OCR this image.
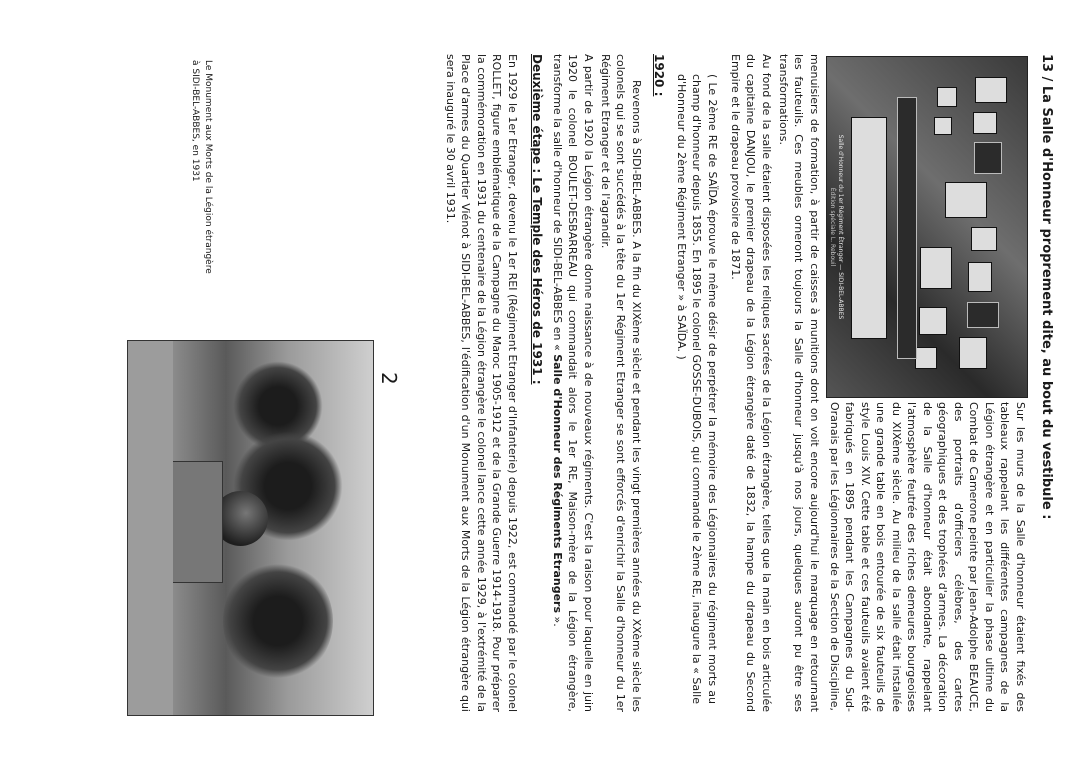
13 / La Salle d'Honneur proprement dite, au bout du vestibule :
Salle d'Honneur du 1er Régiment Étranger — SIDI-BEL-ABBES
Édition spéciale L. Rebouil
Sur les murs de la Salle d'honneur étaient fixés des tableaux rappelant les différentes campagnes de la Légion étrangère et en particulier la phase ultime du Combat de Camerone peinte par Jean-Adolphe BEAUCE, des portraits d'officiers célèbres, des cartes géographiques et des trophées d'armes. La décoration de la Salle d'honneur était abondante, rappelant l'atmosphère feutrée des riches demeures bourgeoises du XIXème siècle. Au milieu de la salle était installée une grande table en bois entourée de six fauteuils de style Louis XIV. Cette table et ces fauteuils avaient été fabriqués en 1895 pendant les Campagnes du Sud-Oranais par les Légionnaires de la Section de Discipline,
menuisiers de formation, à partir de caisses à munitions dont on voit encore aujourd'hui le marquage en retournant les fauteuils. Ces meubles orneront toujours la Salle d'honneur jusqu'à nos jours, quelques auront pu être ses transformations.
Au fond de la salle étaient disposées les reliques sacrées de la Légion étrangère, telles que la main en bois articulée du capitaine DANJOU, le premier drapeau de la Légion étrangère daté de 1832, la hampe du drapeau du Second Empire et le drapeau provisoire de 1871.
( Le 2ème RE de SAÏDA éprouve le même désir de perpétrer la mémoire des Légionnaires du régiment morts au champ d'honneur depuis 1855. En 1895 le colonel GOSSE-DUBOIS, qui commande le 2ème RE, inaugure la « Salle d'Honneur du 2ème Régiment Etranger » à SAÏDA. )
1920 :
Revenons à SIDI-BEL-ABBES. A la fin du XIXème siècle et pendant les vingt premières années du XXème siècle les colonels qui se sont succédés à la tête du 1er Régiment Etranger se sont efforcés d'enrichir la Salle d'honneur du 1er Régiment Etranger et de l'agrandir.
A partir de 1920 la Légion étrangère donne naissance à de nouveaux régiments. C'est la raison pour laquelle en juin 1920 le colonel BOULET-DESBARREAU qui commandait alors le 1er RE, Maison-mère de la Légion étrangère, transforme la salle d'honneur de SIDI-BEL-ABBES en « Salle d'Honneur des Régiments Etrangers ».
Deuxième étape : Le Temple des Héros de 1931 :
En 1929 le 1er Etranger, devenu le 1er REI (Régiment Etranger d'Infanterie) depuis 1922, est commandé par le colonel ROLLET, figure emblématique de la Campagne du Maroc 1905-1912 et de la Grande Guerre 1914-1918. Pour préparer la commémoration en 1931 du centenaire de la Légion étrangère le colonel lance cette année 1929, à l'extrémité de la Place d'armes du Quartier Viénot à SIDI-BEL-ABBES, l'édification d'un Monument aux Morts de la Légion étrangère qui sera inauguré le 30 avril 1931.
2
Le Monument aux Morts de la Légion étrangère
à SIDI-BEL-ABBES, en 1931
